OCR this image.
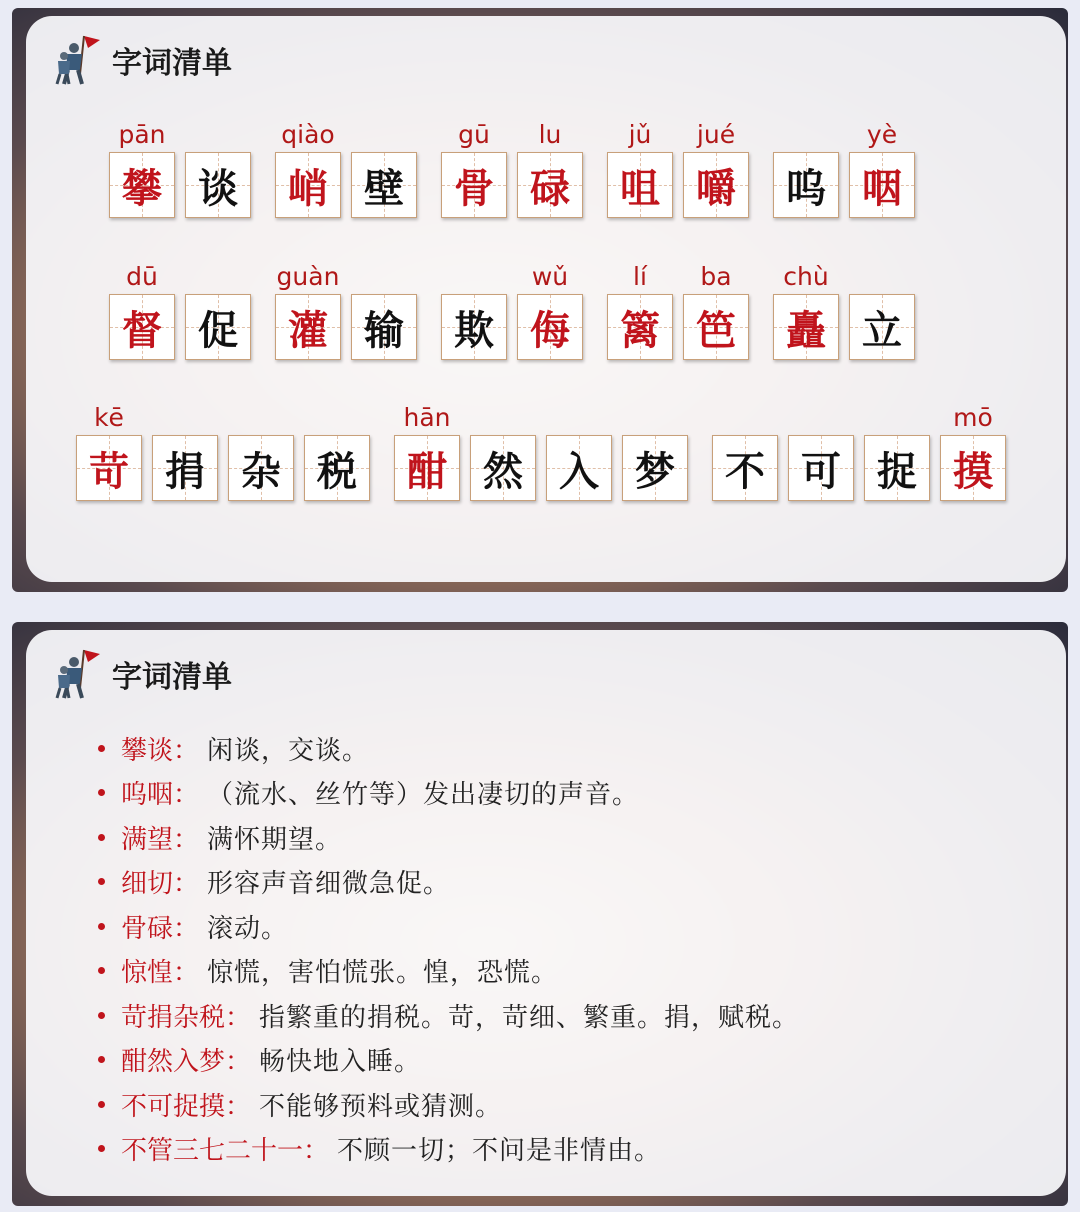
字词清单
pān
攀 谈
qiào
峭 壁
gū
骨
lu
碌
jǔ
咀
jué
嚼 呜
yè
咽
dū
督 促
guàn
灌 输 欺
wǔ
侮
lí
篱
ba
笆
chù
矗 立
kē
苛 捐 杂 税
hān
酣 然 入 梦 不 可 捉
mō
摸
字词清单
攀谈 ： 闲谈，交谈。
呜咽 ： （流水、丝竹等）发出凄切的声音。
满望 ： 满怀期望。
细切 ： 形容声音细微急促。
骨碌 ： 滚动。
惊惶 ： 惊慌，害怕慌张。惶，恐慌。
苛捐杂税 ： 指繁重的捐税。苛，苛细、繁重。捐，赋税。
酣然入梦 ： 畅快地入睡。
不可捉摸 ： 不能够预料或猜测。
不管三七二十一 ： 不顾一切；不问是非情由。
